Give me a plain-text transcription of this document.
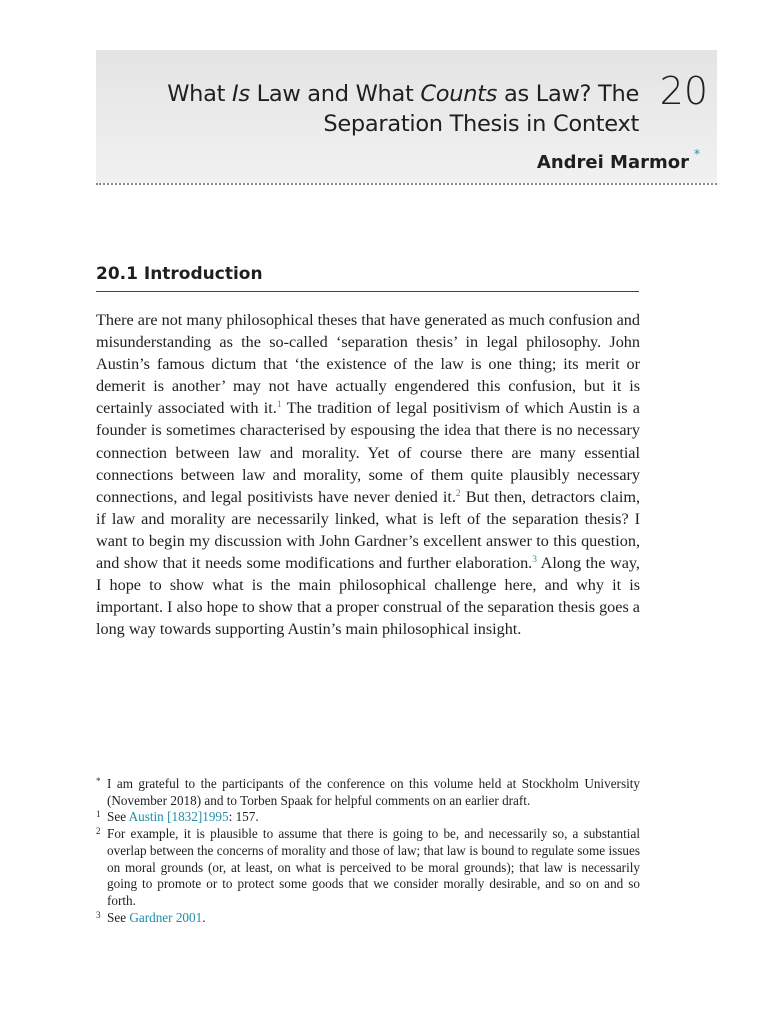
What Is Law and What Counts as Law? The
Separation Thesis in Context
20
Andrei Marmor *
20.1 Introduction

There are not many philosophical theses that have generated as much confusion and misunderstanding as the so-called ‘separation thesis’ in legal philosophy. John Austin’s famous dictum that ‘the existence of the law is one thing; its merit or demerit is another’ may not have actually engendered this confusion, but it is certainly associated with it.$^1$ The tradition of legal positivism of which Austin is a founder is sometimes characterised by espousing the idea that there is no necessary connection between law and morality. Yet of course there are many essential connections between law and morality, some of them quite plausibly necessary connections, and legal positivists have never denied it.$^2$ But then, detractors claim, if law and morality are necessarily linked, what is left of the separation thesis? I want to begin my discussion with John Gardner’s excellent answer to this question, and show that it needs some modifications and further elaboration.$^3$ Along the way, I hope to show what is the main philosophical challenge here, and why it is important. I also hope to show that a proper construal of the separation thesis goes a long way towards supporting Austin’s main philosophical insight.

* I am grateful to the participants of the conference on this volume held at Stockholm University (November 2018) and to Torben Spaak for helpful comments on an earlier draft.

1 See Austin [1832]1995: 157.

2 For example, it is plausible to assume that there is going to be, and necessarily so, a substantial overlap between the concerns of morality and those of law; that law is bound to regulate some issues on moral grounds (or, at least, on what is perceived to be moral grounds); that law is necessarily going to promote or to protect some goods that we consider morally desirable, and so on and so forth.

3 See Gardner 2001.
